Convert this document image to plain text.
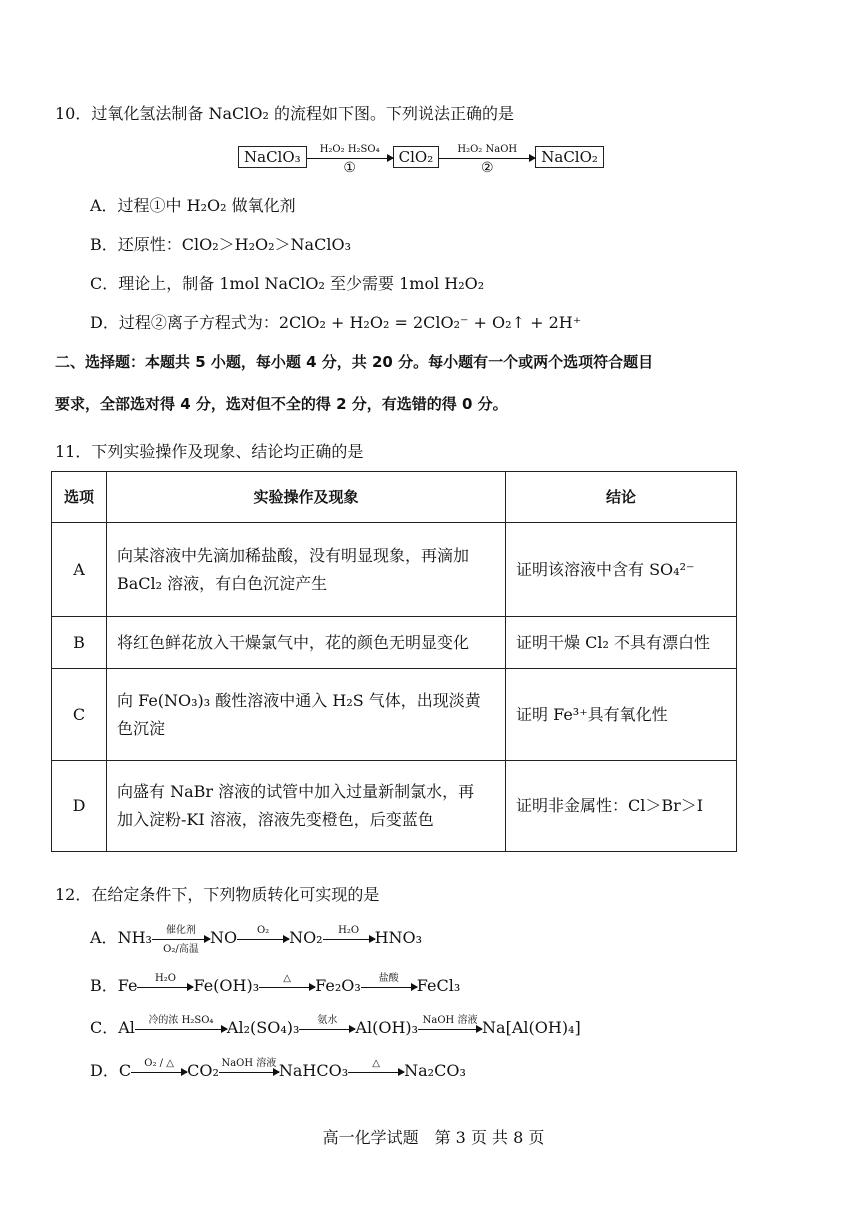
10．过氧化氢法制备 NaClO₂ 的流程如下图。下列说法正确的是
NaClO₃	H₂O₂ H₂SO₄
①
ClO₂	H₂O₂ NaOH
②
NaClO₂
A．过程①中 H₂O₂ 做氧化剂
B．还原性：ClO₂＞H₂O₂＞NaClO₃
C．理论上，制备 1mol NaClO₂ 至少需要 1mol H₂O₂
D．过程②离子方程式为：2ClO₂ + H₂O₂ = 2ClO₂⁻ + O₂↑ + 2H⁺
二、选择题：本题共 5 小题，每小题 4 分，共 20 分。每小题有一个或两个选项符合题目
要求，全部选对得 4 分，选对但不全的得 2 分，有选错的得 0 分。
11．下列实验操作及现象、结论均正确的是
选项	实验操作及现象	结论
A	向某溶液中先滴加稀盐酸，没有明显现象，再滴加
BaCl₂ 溶液，有白色沉淀产生	证明该溶液中含有 SO₄²⁻
B	将红色鲜花放入干燥氯气中，花的颜色无明显变化	证明干燥 Cl₂ 不具有漂白性
C	向 Fe(NO₃)₃ 酸性溶液中通入 H₂S 气体，出现淡黄
色沉淀	证明 Fe³⁺具有氧化性
D	向盛有 NaBr 溶液的试管中加入过量新制氯水，再
加入淀粉-KI 溶液，溶液先变橙色，后变蓝色	证明非金属性：Cl＞Br＞I
12．在给定条件下，下列物质转化可实现的是
A．NH₃	催化剂
O₂/高温
NO	O₂	NO₂	H₂O HNO₃
B．Fe	H₂O	Fe(OH)₃	△	Fe₂O₃	盐酸	FeCl₃
C．Al	冷的浓 H₂SO₄ Al₂(SO₄)₃	氨水	Al(OH)₃ NaOH 溶液 Na[Al(OH)₄]
D．C	O₂ / △ CO₂ NaOH 溶液 NaHCO₃	△	Na₂CO₃
高一化学试题　第 3 页 共 8 页
